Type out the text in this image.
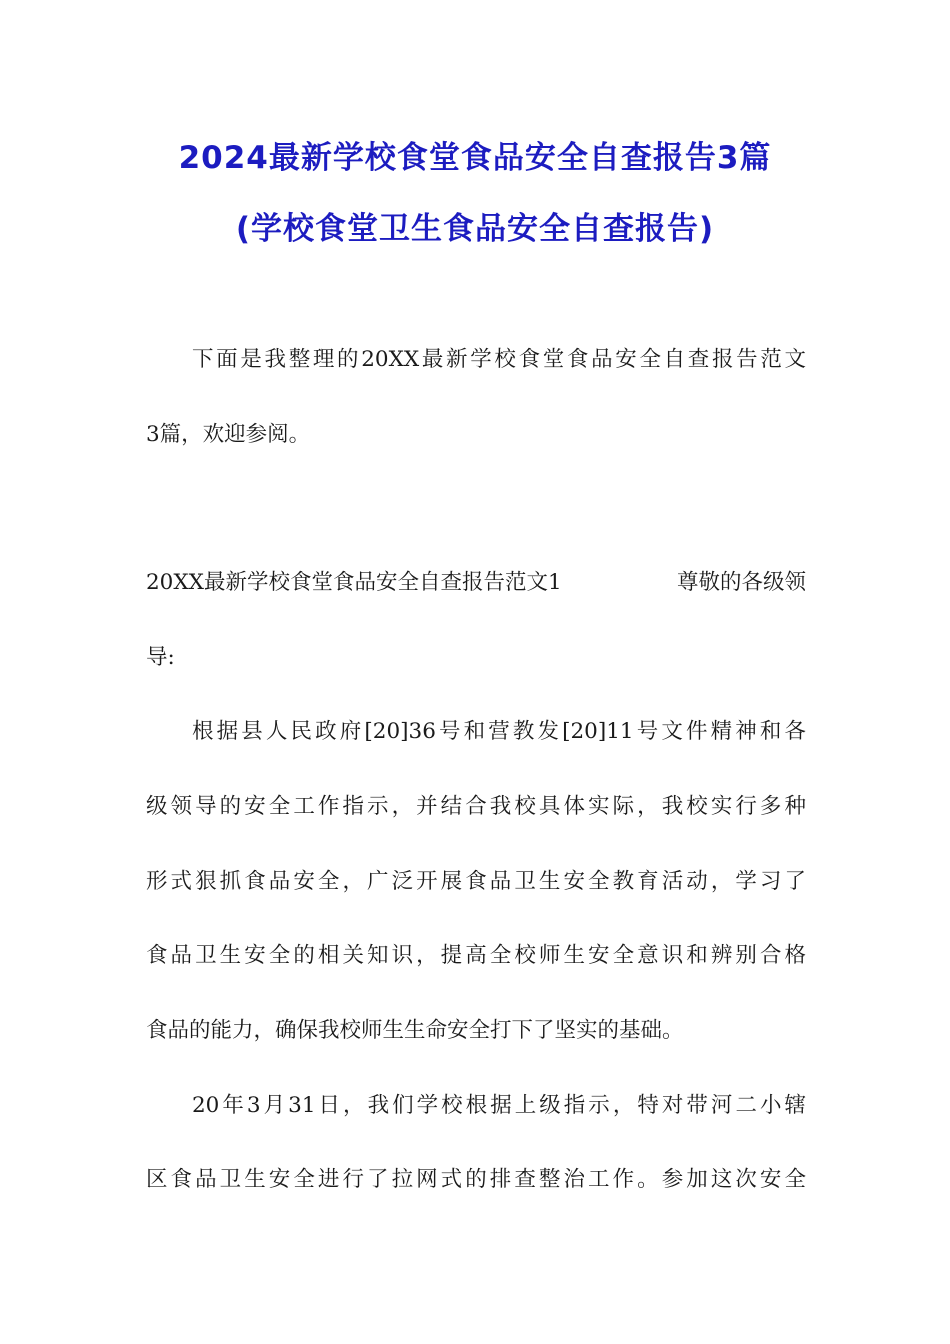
2024最新学校食堂食品安全自查报告3篇
(学校食堂卫生食品安全自查报告)
下面是我整理的20XX最新学校食堂食品安全自查报告范文
3篇，欢迎参阅。
20XX最新学校食堂食品安全自查报告范文1	尊敬的各级领
导:
根据县人民政府[20]36号和营教发[20]11号文件精神和各
级领导的安全工作指示，并结合我校具体实际，我校实行多种
形式狠抓食品安全，广泛开展食品卫生安全教育活动，学习了
食品卫生安全的相关知识，提高全校师生安全意识和辨别合格
食品的能力，确保我校师生生命安全打下了坚实的基础。
20年3月31日，我们学校根据上级指示，特对带河二小辖
区食品卫生安全进行了拉网式的排查整治工作。参加这次安全
